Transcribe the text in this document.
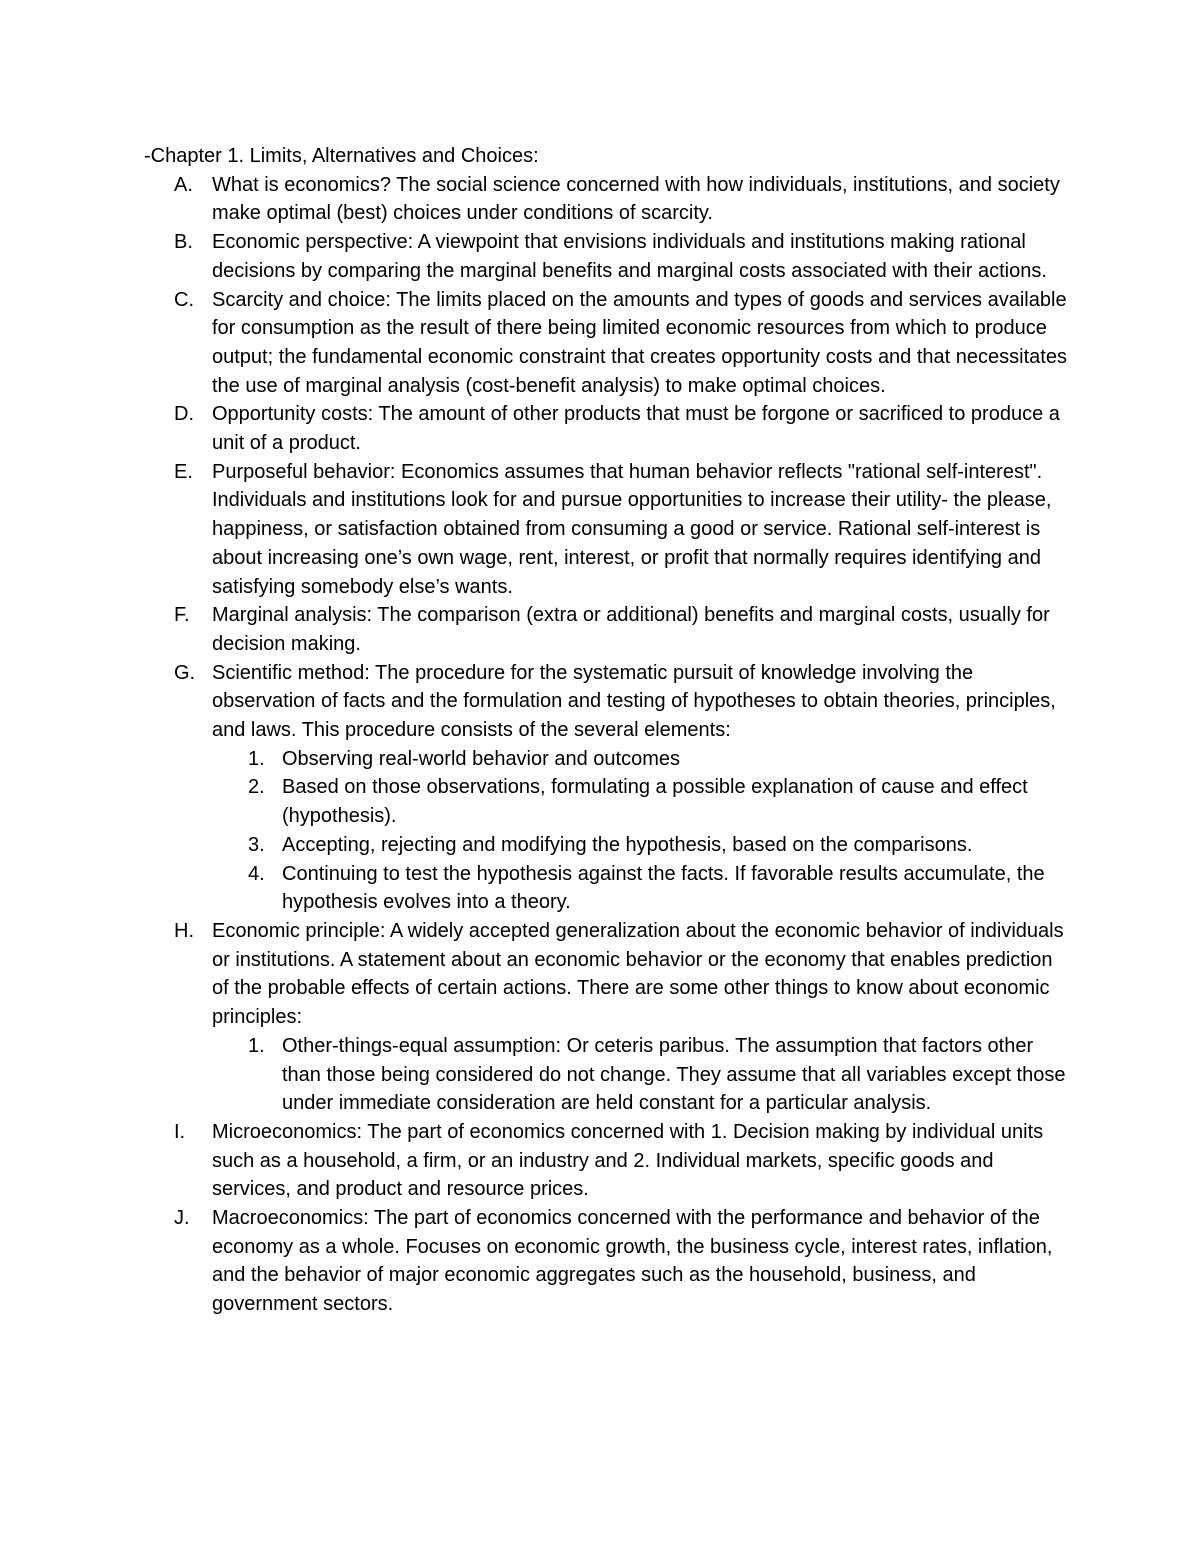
-Chapter 1. Limits, Alternatives and Choices:

A. What is economics? The social science concerned with how individuals, institutions, and society make optimal (best) choices under conditions of scarcity.
B. Economic perspective: A viewpoint that envisions individuals and institutions making rational decisions by comparing the marginal benefits and marginal costs associated with their actions.
C. Scarcity and choice: The limits placed on the amounts and types of goods and services available for consumption as the result of there being limited economic resources from which to produce output; the fundamental economic constraint that creates opportunity costs and that necessitates the use of marginal analysis (cost-benefit analysis) to make optimal choices.
D. Opportunity costs: The amount of other products that must be forgone or sacrificed to produce a unit of a product.
E. Purposeful behavior: Economics assumes that human behavior reflects "rational self-interest". Individuals and institutions look for and pursue opportunities to increase their utility- the please, happiness, or satisfaction obtained from consuming a good or service. Rational self-interest is about increasing one’s own wage, rent, interest, or profit that normally requires identifying and satisfying somebody else’s wants.
F.	Marginal analysis: The comparison (extra or additional) benefits and marginal costs, usually for decision making.
G. Scientific method: The procedure for the systematic pursuit of knowledge involving the observation of facts and the formulation and testing of hypotheses to obtain theories, principles, and laws. This procedure consists of the several elements:
1. Observing real-world behavior and outcomes
2. Based on those observations, formulating a possible explanation of cause and effect (hypothesis).
3. Accepting, rejecting and modifying the hypothesis, based on the comparisons.
4. Continuing to test the hypothesis against the facts. If favorable results accumulate, the hypothesis evolves into a theory.
H. Economic principle: A widely accepted generalization about the economic behavior of individuals or institutions. A statement about an economic behavior or the economy that enables prediction of the probable effects of certain actions. There are some other things to know about economic principles:
1. Other-things-equal assumption: Or ceteris paribus. The assumption that factors other than those being considered do not change. They assume that all variables except those under immediate consideration are held constant for a particular analysis.
I.	Microeconomics: The part of economics concerned with 1. Decision making by individual units such as a household, a firm, or an industry and 2. Individual markets, specific goods and services, and product and resource prices.
J.	Macroeconomics: The part of economics concerned with the performance and behavior of the economy as a whole. Focuses on economic growth, the business cycle, interest rates, inflation, and the behavior of major economic aggregates such as the household, business, and government sectors.
